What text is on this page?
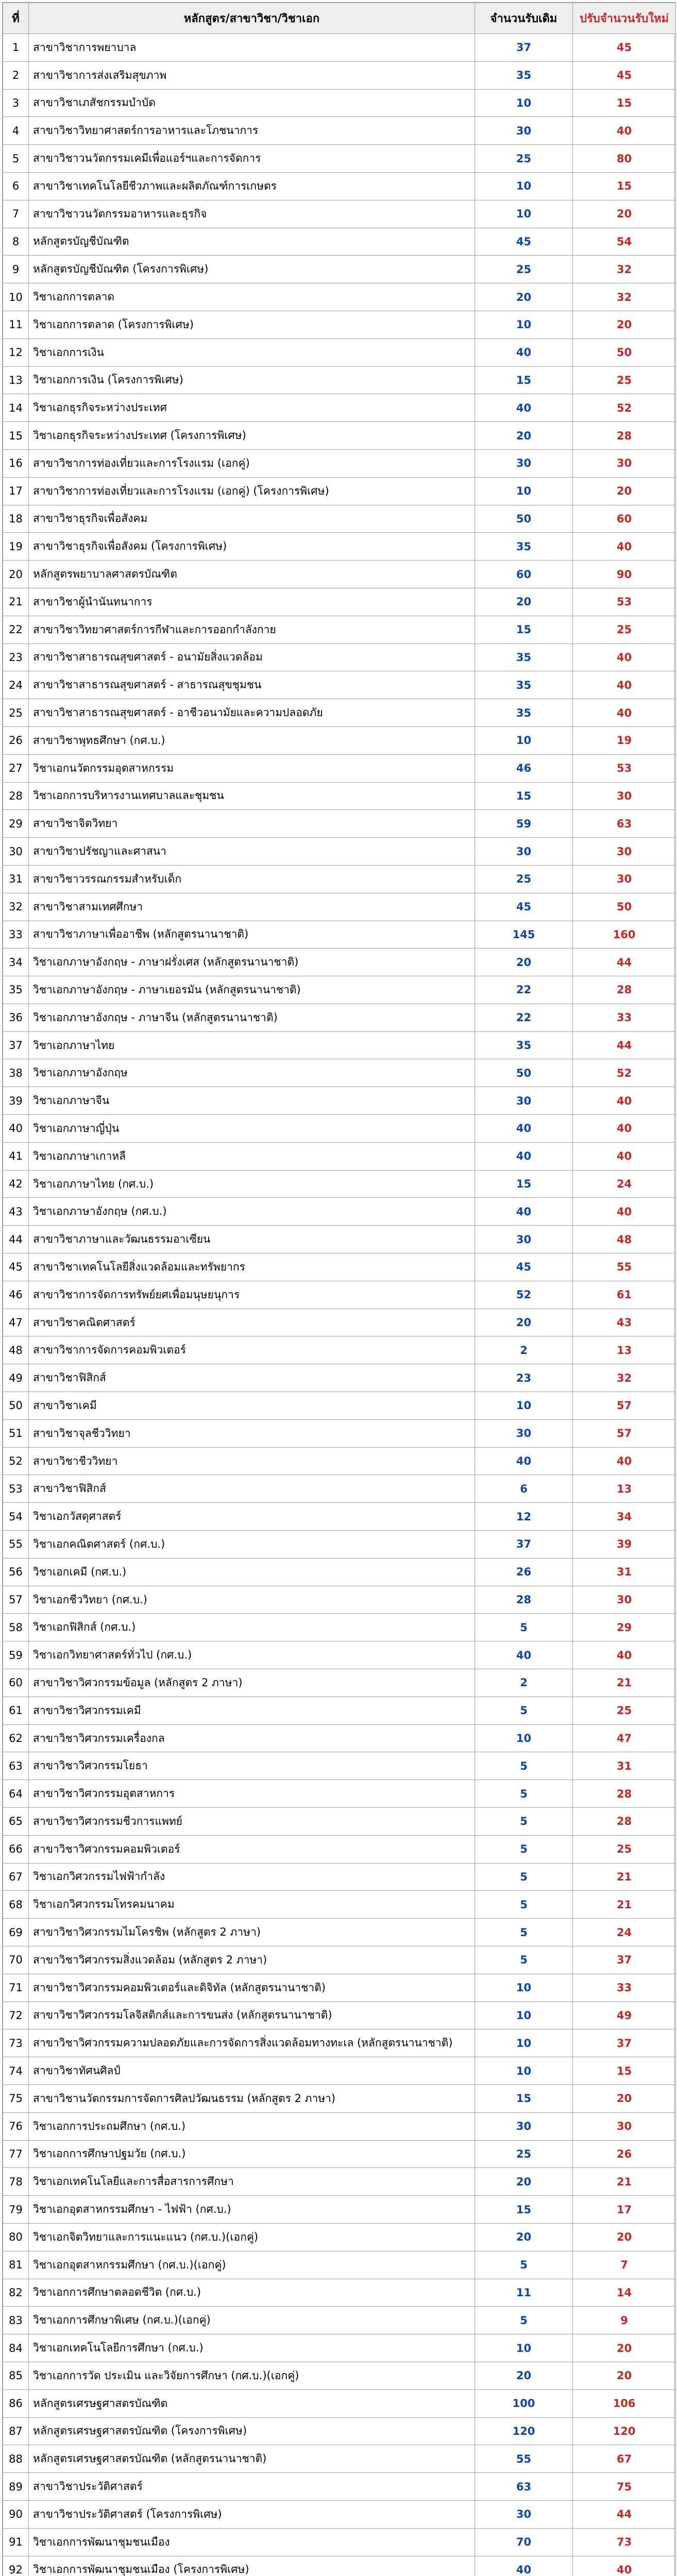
ที่	หลักสูตร/สาขาวิชา/วิชาเอก	จำนวนรับเดิม	ปรับจำนวนรับใหม่
1	สาขาวิชาการพยาบาล	37	45
2	สาขาวิชาการส่งเสริมสุขภาพ	35	45
3	สาขาวิชาเภสัชกรรมบำบัด	10	15
4	สาขาวิชาวิทยาศาสตร์การอาหารและโภชนาการ	30	40
5	สาขาวิชาวนวัตกรรมเคมีเพื่อแอร์ฯและการจัดการ	25	80
6	สาขาวิชาเทคโนโลยีชีวภาพและผลิตภัณฑ์การเกษตร	10	15
7	สาขาวิชาวนวัตกรรมอาหารและธุรกิจ	10	20
8	หลักสูตรบัญชีบัณฑิต	45	54
9	หลักสูตรบัญชีบัณฑิต (โครงการพิเศษ)	25	32
10	วิชาเอกการตลาด	20	32
11	วิชาเอกการตลาด (โครงการพิเศษ)	10	20
12	วิชาเอกการเงิน	40	50
13	วิชาเอกการเงิน (โครงการพิเศษ)	15	25
14	วิชาเอกธุรกิจระหว่างประเทศ	40	52
15	วิชาเอกธุรกิจระหว่างประเทศ (โครงการพิเศษ)	20	28
16	สาขาวิชาการท่องเที่ยวและการโรงแรม (เอกคู่)	30	30
17	สาขาวิชาการท่องเที่ยวและการโรงแรม (เอกคู่) (โครงการพิเศษ)	10	20
18	สาขาวิชาธุรกิจเพื่อสังคม	50	60
19	สาขาวิชาธุรกิจเพื่อสังคม (โครงการพิเศษ)	35	40
20	หลักสูตรพยาบาลศาสตรบัณฑิต	60	90
21	สาขาวิชาผู้นำนันทนาการ	20	53
22	สาขาวิชาวิทยาศาสตร์การกีฬาและการออกกำลังกาย	15	25
23	สาขาวิชาสาธารณสุขศาสตร์ - อนามัยสิ่งแวดล้อม	35	40
24	สาขาวิชาสาธารณสุขศาสตร์ - สาธารณสุขชุมชน	35	40
25	สาขาวิชาสาธารณสุขศาสตร์ - อาชีวอนามัยและความปลอดภัย	35	40
26	สาขาวิชาพุทธศึกษา (กศ.บ.)	10	19
27	วิชาเอกนวัตกรรมอุตสาหกรรม	46	53
28	วิชาเอกการบริหารงานเทศบาลและชุมชน	15	30
29	สาขาวิชาจิตวิทยา	59	63
30	สาขาวิชาปรัชญาและศาสนา	30	30
31	สาขาวิชาวรรณกรรมสำหรับเด็ก	25	30
32	สาขาวิชาสามเทศศึกษา	45	50
33	สาขาวิชาภาษาเพื่ออาชีพ (หลักสูตรนานาชาติ)	145	160
34	วิชาเอกภาษาอังกฤษ - ภาษาฝรั่งเศส (หลักสูตรนานาชาติ)	20	44
35	วิชาเอกภาษาอังกฤษ - ภาษาเยอรมัน (หลักสูตรนานาชาติ)	22	28
36	วิชาเอกภาษาอังกฤษ - ภาษาจีน (หลักสูตรนานาชาติ)	22	33
37	วิชาเอกภาษาไทย	35	44
38	วิชาเอกภาษาอังกฤษ	50	52
39	วิชาเอกภาษาจีน	30	40
40	วิชาเอกภาษาญี่ปุ่น	40	40
41	วิชาเอกภาษาเกาหลี	40	40
42	วิชาเอกภาษาไทย (กศ.บ.)	15	24
43	วิชาเอกภาษาอังกฤษ (กศ.บ.)	40	40
44	สาขาวิชาภาษาและวัฒนธรรมอาเซียน	30	48
45	สาขาวิชาเทคโนโลยีสิ่งแวดล้อมและทรัพยากร	45	55
46	สาขาวิชาการจัดการทรัพย์ยศเพื่อมนุษยนุการ	52	61
47	สาขาวิชาคณิตศาสตร์	20	43
48	สาขาวิชาการจัดการคอมพิวเตอร์	2	13
49	สาขาวิชาฟิสิกส์	23	32
50	สาขาวิชาเคมี	10	57
51	สาขาวิชาจุลชีววิทยา	30	57
52	สาขาวิชาชีววิทยา	40	40
53	สาขาวิชาฟิสิกส์	6	13
54	วิชาเอกวัสดุศาสตร์	12	34
55	วิชาเอกคณิตศาสตร์ (กศ.บ.)	37	39
56	วิชาเอกเคมี (กศ.บ.)	26	31
57	วิชาเอกชีววิทยา (กศ.บ.)	28	30
58	วิชาเอกฟิสิกส์ (กศ.บ.)	5	29
59	วิชาเอกวิทยาศาสตร์ทั่วไป (กศ.บ.)	40	40
60	สาขาวิชาวิศวกรรมข้อมูล (หลักสูตร 2 ภาษา)	2	21
61	สาขาวิชาวิศวกรรมเคมี	5	25
62	สาขาวิชาวิศวกรรมเครื่องกล	10	47
63	สาขาวิชาวิศวกรรมโยธา	5	31
64	สาขาวิชาวิศวกรรมอุตสาหการ	5	28
65	สาขาวิชาวิศวกรรมชีวการแพทย์	5	28
66	สาขาวิชาวิศวกรรมคอมพิวเตอร์	5	25
67	วิชาเอกวิศวกรรมไฟฟ้ากำลัง	5	21
68	วิชาเอกวิศวกรรมโทรคมนาคม	5	21
69	สาขาวิชาวิศวกรรมไมโครชิพ (หลักสูตร 2 ภาษา)	5	24
70	สาขาวิชาวิศวกรรมสิ่งแวดล้อม (หลักสูตร 2 ภาษา)	5	37
71	สาขาวิชาวิศวกรรมคอมพิวเตอร์และดิจิทัล (หลักสูตรนานาชาติ)	10	33
72	สาขาวิชาวิศวกรรมโลจิสติกส์และการขนส่ง (หลักสูตรนานาชาติ)	10	49
73	สาขาวิชาวิศวกรรมความปลอดภัยและการจัดการสิ่งแวดล้อมทางทะเล (หลักสูตรนานาชาติ)	10	37
74	สาขาวิชาทัศนศิลป์	10	15
75	สาขาวิชานวัตกรรมการจัดการศิลปวัฒนธรรม (หลักสูตร 2 ภาษา)	15	20
76	วิชาเอกการประถมศึกษา (กศ.บ.)	30	30
77	วิชาเอกการศึกษาปฐมวัย (กศ.บ.)	25	26
78	วิชาเอกเทคโนโลยีและการสื่อสารการศึกษา	20	21
79	วิชาเอกอุตสาหกรรมศึกษา - ไฟฟ้า (กศ.บ.)	15	17
80	วิชาเอกจิตวิทยาและการแนะแนว (กศ.บ.)(เอกคู่)	20	20
81	วิชาเอกอุตสาหกรรมศึกษา (กศ.บ.)(เอกคู่)	5	7
82	วิชาเอกการศึกษาตลอดชีวิต (กศ.บ.)	11	14
83	วิชาเอกการศึกษาพิเศษ (กศ.บ.)(เอกคู่)	5	9
84	วิชาเอกเทคโนโลยีการศึกษา (กศ.บ.)	10	20
85	วิชาเอกการวัด ประเมิน และวิจัยการศึกษา (กศ.บ.)(เอกคู่)	20	20
86	หลักสูตรเศรษฐศาสตรบัณฑิต	100	106
87	หลักสูตรเศรษฐศาสตรบัณฑิต (โครงการพิเศษ)	120	120
88	หลักสูตรเศรษฐศาสตรบัณฑิต (หลักสูตรนานาชาติ)	55	67
89	สาขาวิชาประวัติศาสตร์	63	75
90	สาขาวิชาประวัติศาสตร์ (โครงการพิเศษ)	30	44
91	วิชาเอกการพัฒนาชุมชนเมือง	70	73
92	วิชาเอกการพัฒนาชุมชนเมือง (โครงการพิเศษ)	40	40
